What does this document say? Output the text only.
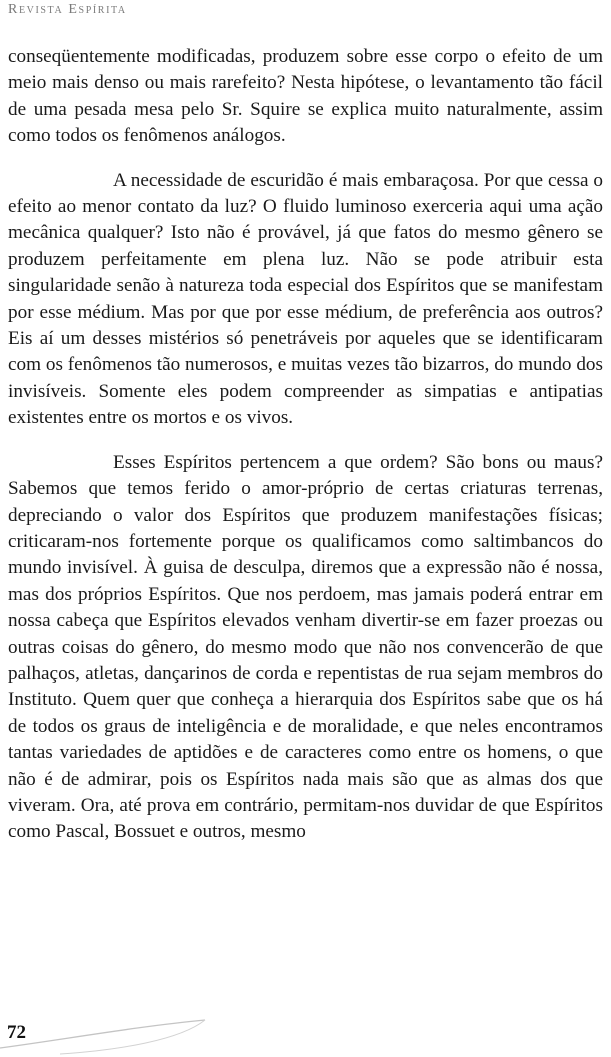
Revista Espírita

conseqüentemente modificadas, produzem sobre esse corpo o efeito de um meio mais denso ou mais rarefeito? Nesta hipótese, o levantamento tão fácil de uma pesada mesa pelo Sr. Squire se explica muito naturalmente, assim como todos os fenômenos análogos.

A necessidade de escuridão é mais embaraçosa. Por que cessa o efeito ao menor contato da luz? O fluido luminoso exerceria aqui uma ação mecânica qualquer? Isto não é provável, já que fatos do mesmo gênero se produzem perfeitamente em plena luz. Não se pode atribuir esta singularidade senão à natureza toda especial dos Espíritos que se manifestam por esse médium. Mas por que por esse médium, de preferência aos outros? Eis aí um desses mistérios só penetráveis por aqueles que se identificaram com os fenômenos tão numerosos, e muitas vezes tão bizarros, do mundo dos invisíveis. Somente eles podem compreender as simpatias e antipatias existentes entre os mortos e os vivos.

Esses Espíritos pertencem a que ordem? São bons ou maus? Sabemos que temos ferido o amor-próprio de certas criaturas terrenas, depreciando o valor dos Espíritos que produzem manifestações físicas; criticaram-nos fortemente porque os qualificamos como saltimbancos do mundo invisível. À guisa de desculpa, diremos que a expressão não é nossa, mas dos próprios Espíritos. Que nos perdoem, mas jamais poderá entrar em nossa cabeça que Espíritos elevados venham divertir-se em fazer proezas ou outras coisas do gênero, do mesmo modo que não nos convencerão de que palhaços, atletas, dançarinos de corda e repentistas de rua sejam membros do Instituto. Quem quer que conheça a hierarquia dos Espíritos sabe que os há de todos os graus de inteligência e de moralidade, e que neles encontramos tantas variedades de aptidões e de caracteres como entre os homens, o que não é de admirar, pois os Espíritos nada mais são que as almas dos que viveram. Ora, até prova em contrário, permitam-nos duvidar de que Espíritos como Pascal, Bossuet e outros, mesmo

72
